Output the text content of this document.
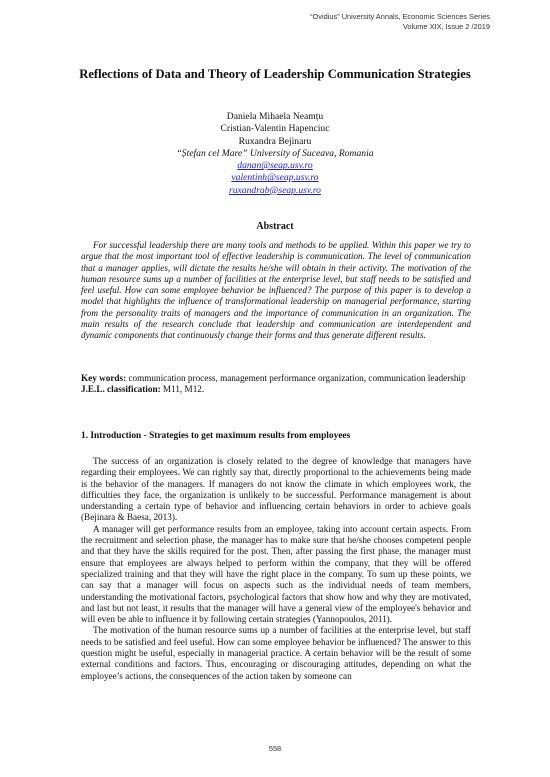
“Ovidius” University Annals, Economic Sciences Series
Volume XIX, Issue 2 /2019
Reflections of Data and Theory of Leadership Communication Strategies
Daniela Mihaela Neamțu
Cristian-Valentin Hapenciuc
Ruxandra Bejinaru
“Ștefan cel Mare” University of Suceava, Romania
danan@seap.usv.ro
valentinh@seap.usv.ro
ruxandrab@seap.usv.ro
Abstract

For successful leadership there are many tools and methods to be applied. Within this paper we try to argue that the most important tool of effective leadership is communication. The level of communication that a manager applies, will dictate the results he/she will obtain in their activity. The motivation of the human resource sums up a number of facilities at the enterprise level, but staff needs to be satisfied and feel useful. How can some employee behavior be influenced? The purpose of this paper is to develop a model that highlights the influence of transformational leadership on managerial performance, starting from the personality traits of managers and the importance of communication in an organization. The main results of the research conclude that leadership and communication are interdependent and dynamic components that continuously change their forms and thus generate different results.

Key words: communication process, management performance organization, communication leadership
J.E.L. classification: M11, M12.
1. Introduction - Strategies to get maximum results from employees

The success of an organization is closely related to the degree of knowledge that managers have regarding their employees. We can rightly say that, directly proportional to the achievements being made is the behavior of the managers. If managers do not know the climate in which employees work, the difficulties they face, the organization is unlikely to be successful. Performance management is about understanding a certain type of behavior and influencing certain behaviors in order to achieve goals (Bejinara & Baesa, 2013).

A manager will get performance results from an employee, taking into account certain aspects. From the recruitment and selection phase, the manager has to make sure that he/she chooses competent people and that they have the skills required for the post. Then, after passing the first phase, the manager must ensure that employees are always helped to perform within the company, that they will be offered specialized training and that they will have the right place in the company. To sum up these points, we can say that a manager will focus on aspects such as the individual needs of team members, understanding the motivational factors, psychological factors that show how and why they are motivated, and last but not least, it results that the manager will have a general view of the employee's behavior and will even be able to influence it by following certain strategies (Yannopoulos, 2011).

The motivation of the human resource sums up a number of facilities at the enterprise level, but staff needs to be satisfied and feel useful. How can some employee behavior be influenced? The answer to this question might be useful, especially in managerial practice. A certain behavior will be the result of some external conditions and factors. Thus, encouraging or discouraging attitudes, depending on what the employee’s actions, the consequences of the action taken by someone can

558
